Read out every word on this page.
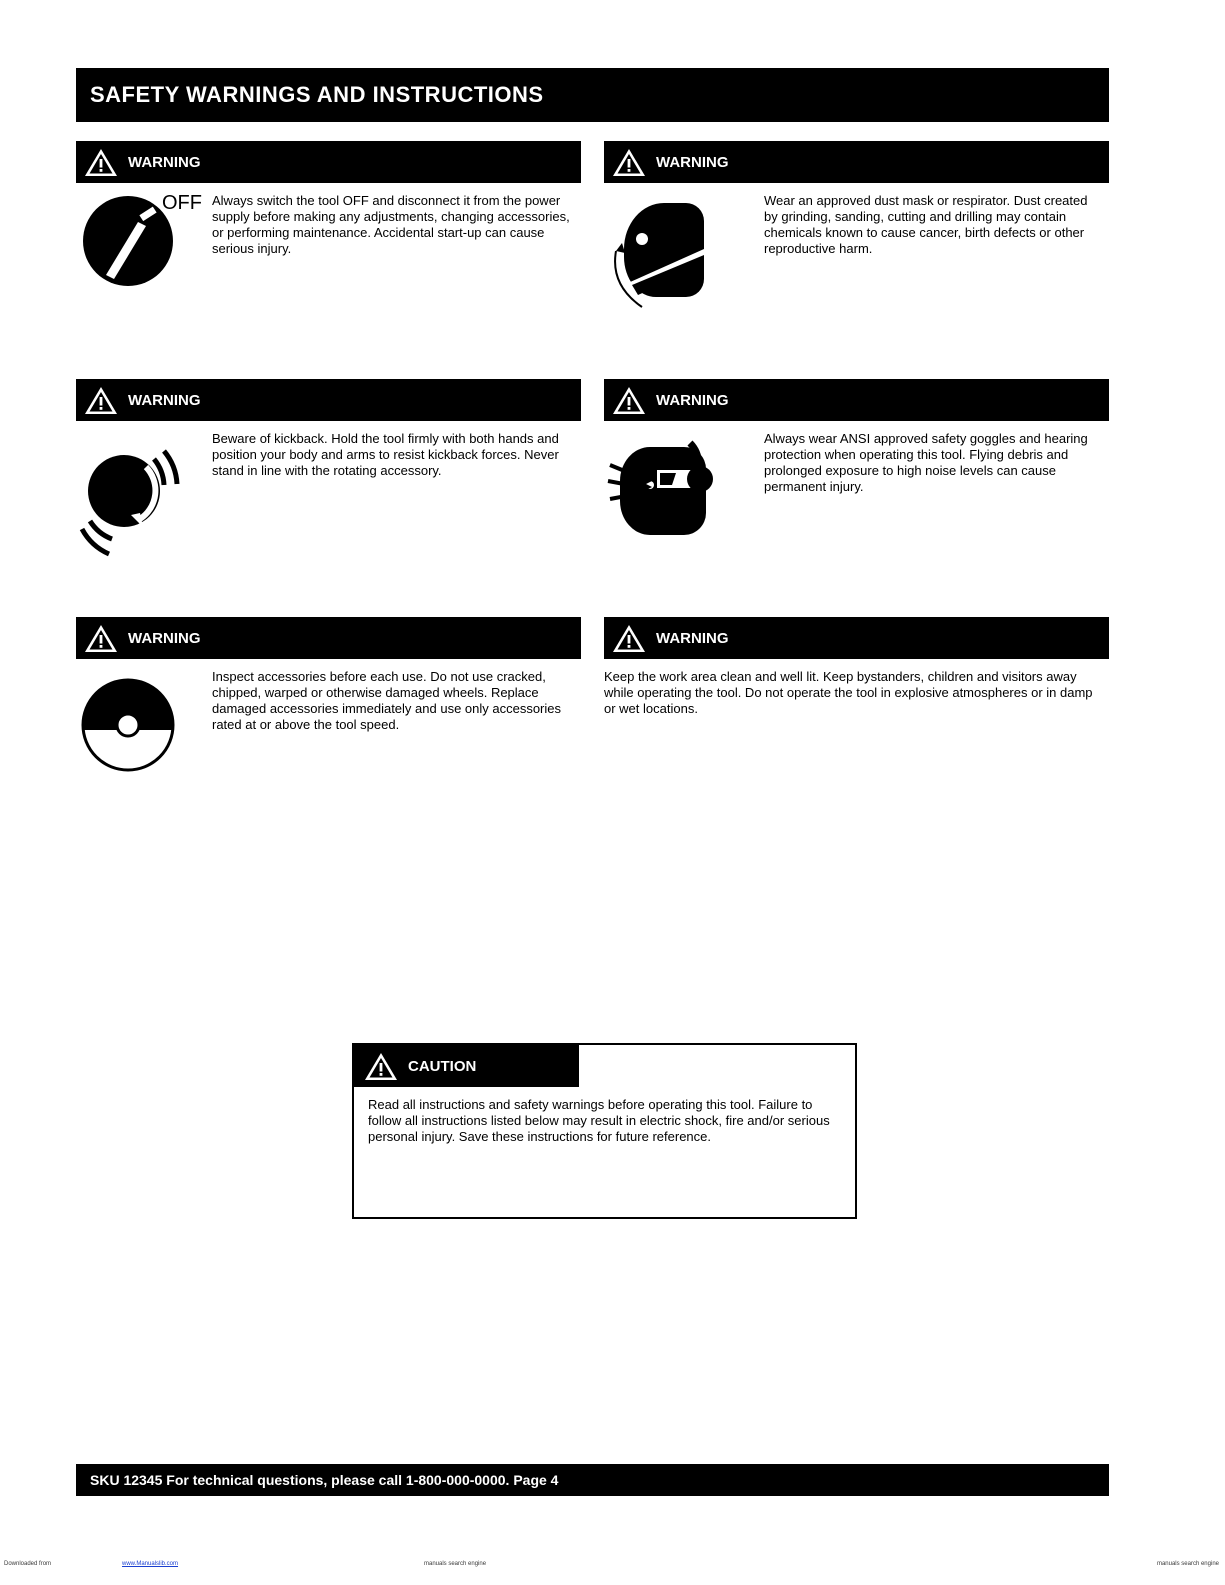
SAFETY WARNINGS AND INSTRUCTIONS
WARNING
OFF Always switch the tool OFF and disconnect it from the power supply before making any adjustments, changing accessories, or performing maintenance. Accidental start-up can cause serious injury.
WARNING
Wear an approved dust mask or respirator. Dust created by grinding, sanding, cutting and drilling may contain chemicals known to cause cancer, birth defects or other reproductive harm.
WARNING
Beware of kickback. Hold the tool firmly with both hands and position your body and arms to resist kickback forces. Never stand in line with the rotating accessory.
WARNING
Always wear ANSI approved safety goggles and hearing protection when operating this tool. Flying debris and prolonged exposure to high noise levels can cause permanent injury.
WARNING
Inspect accessories before each use. Do not use cracked, chipped, warped or otherwise damaged wheels. Replace damaged accessories immediately and use only accessories rated at or above the tool speed.
WARNING
Keep the work area clean and well lit. Keep bystanders, children and visitors away while operating the tool. Do not operate the tool in explosive atmospheres or in damp or wet locations.
CAUTION
Read all instructions and safety warnings before operating this tool. Failure to follow all instructions listed below may result in electric shock, fire and/or serious personal injury. Save these instructions for future reference.
SKU 12345 For technical questions, please call 1-800-000-0000. Page 4
Downloaded from	www.Manualslib.com	manuals search engine	manuals search engine
